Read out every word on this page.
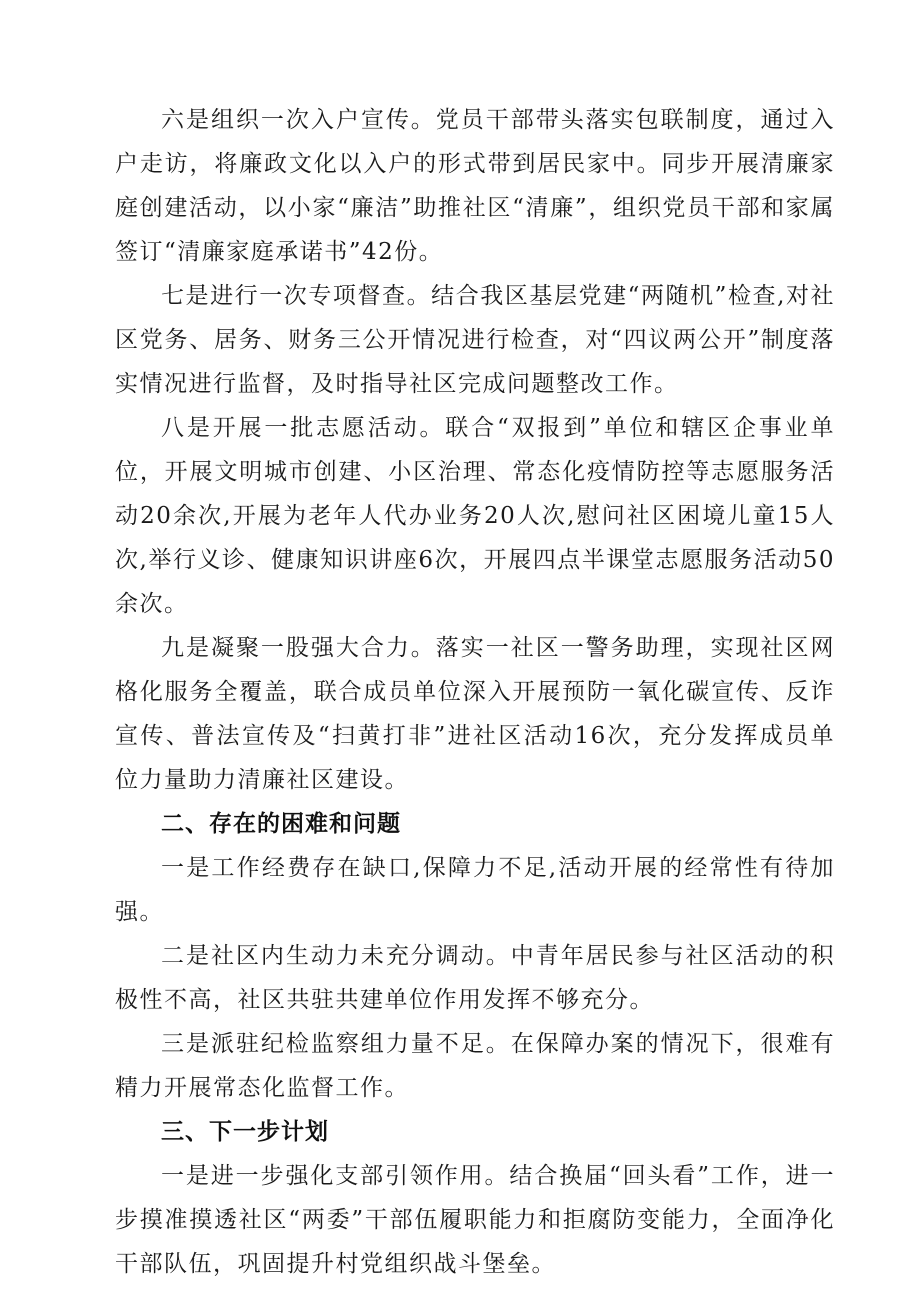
六是组织一次入户宣传。党员干部带头落实包联制度，通过入户走访，将廉政文化以入户的形式带到居民家中。同步开展清廉家庭创建活动，以小家“廉洁”助推社区“清廉”，组织党员干部和家属签订“清廉家庭承诺书”42份。

七是进行一次专项督查。结合我区基层党建“两随机”检查,对社区党务、居务、财务三公开情况进行检查，对“四议两公开”制度落实情况进行监督，及时指导社区完成问题整改工作。

八是开展一批志愿活动。联合“双报到”单位和辖区企事业单位，开展文明城市创建、小区治理、常态化疫情防控等志愿服务活动20余次,开展为老年人代办业务20人次,慰问社区困境儿童15人次,举行义诊、健康知识讲座6次，开展四点半课堂志愿服务活动50余次。

九是凝聚一股强大合力。落实一社区一警务助理，实现社区网格化服务全覆盖，联合成员单位深入开展预防一氧化碳宣传、反诈宣传、普法宣传及“扫黄打非”进社区活动16次，充分发挥成员单位力量助力清廉社区建设。

二、存在的困难和问题

一是工作经费存在缺口,保障力不足,活动开展的经常性有待加强。

二是社区内生动力未充分调动。中青年居民参与社区活动的积极性不高，社区共驻共建单位作用发挥不够充分。

三是派驻纪检监察组力量不足。在保障办案的情况下，很难有精力开展常态化监督工作。

三、下一步计划

一是进一步强化支部引领作用。结合换届“回头看”工作，进一步摸准摸透社区“两委”干部伍履职能力和拒腐防变能力，全面净化干部队伍，巩固提升村党组织战斗堡垒。
